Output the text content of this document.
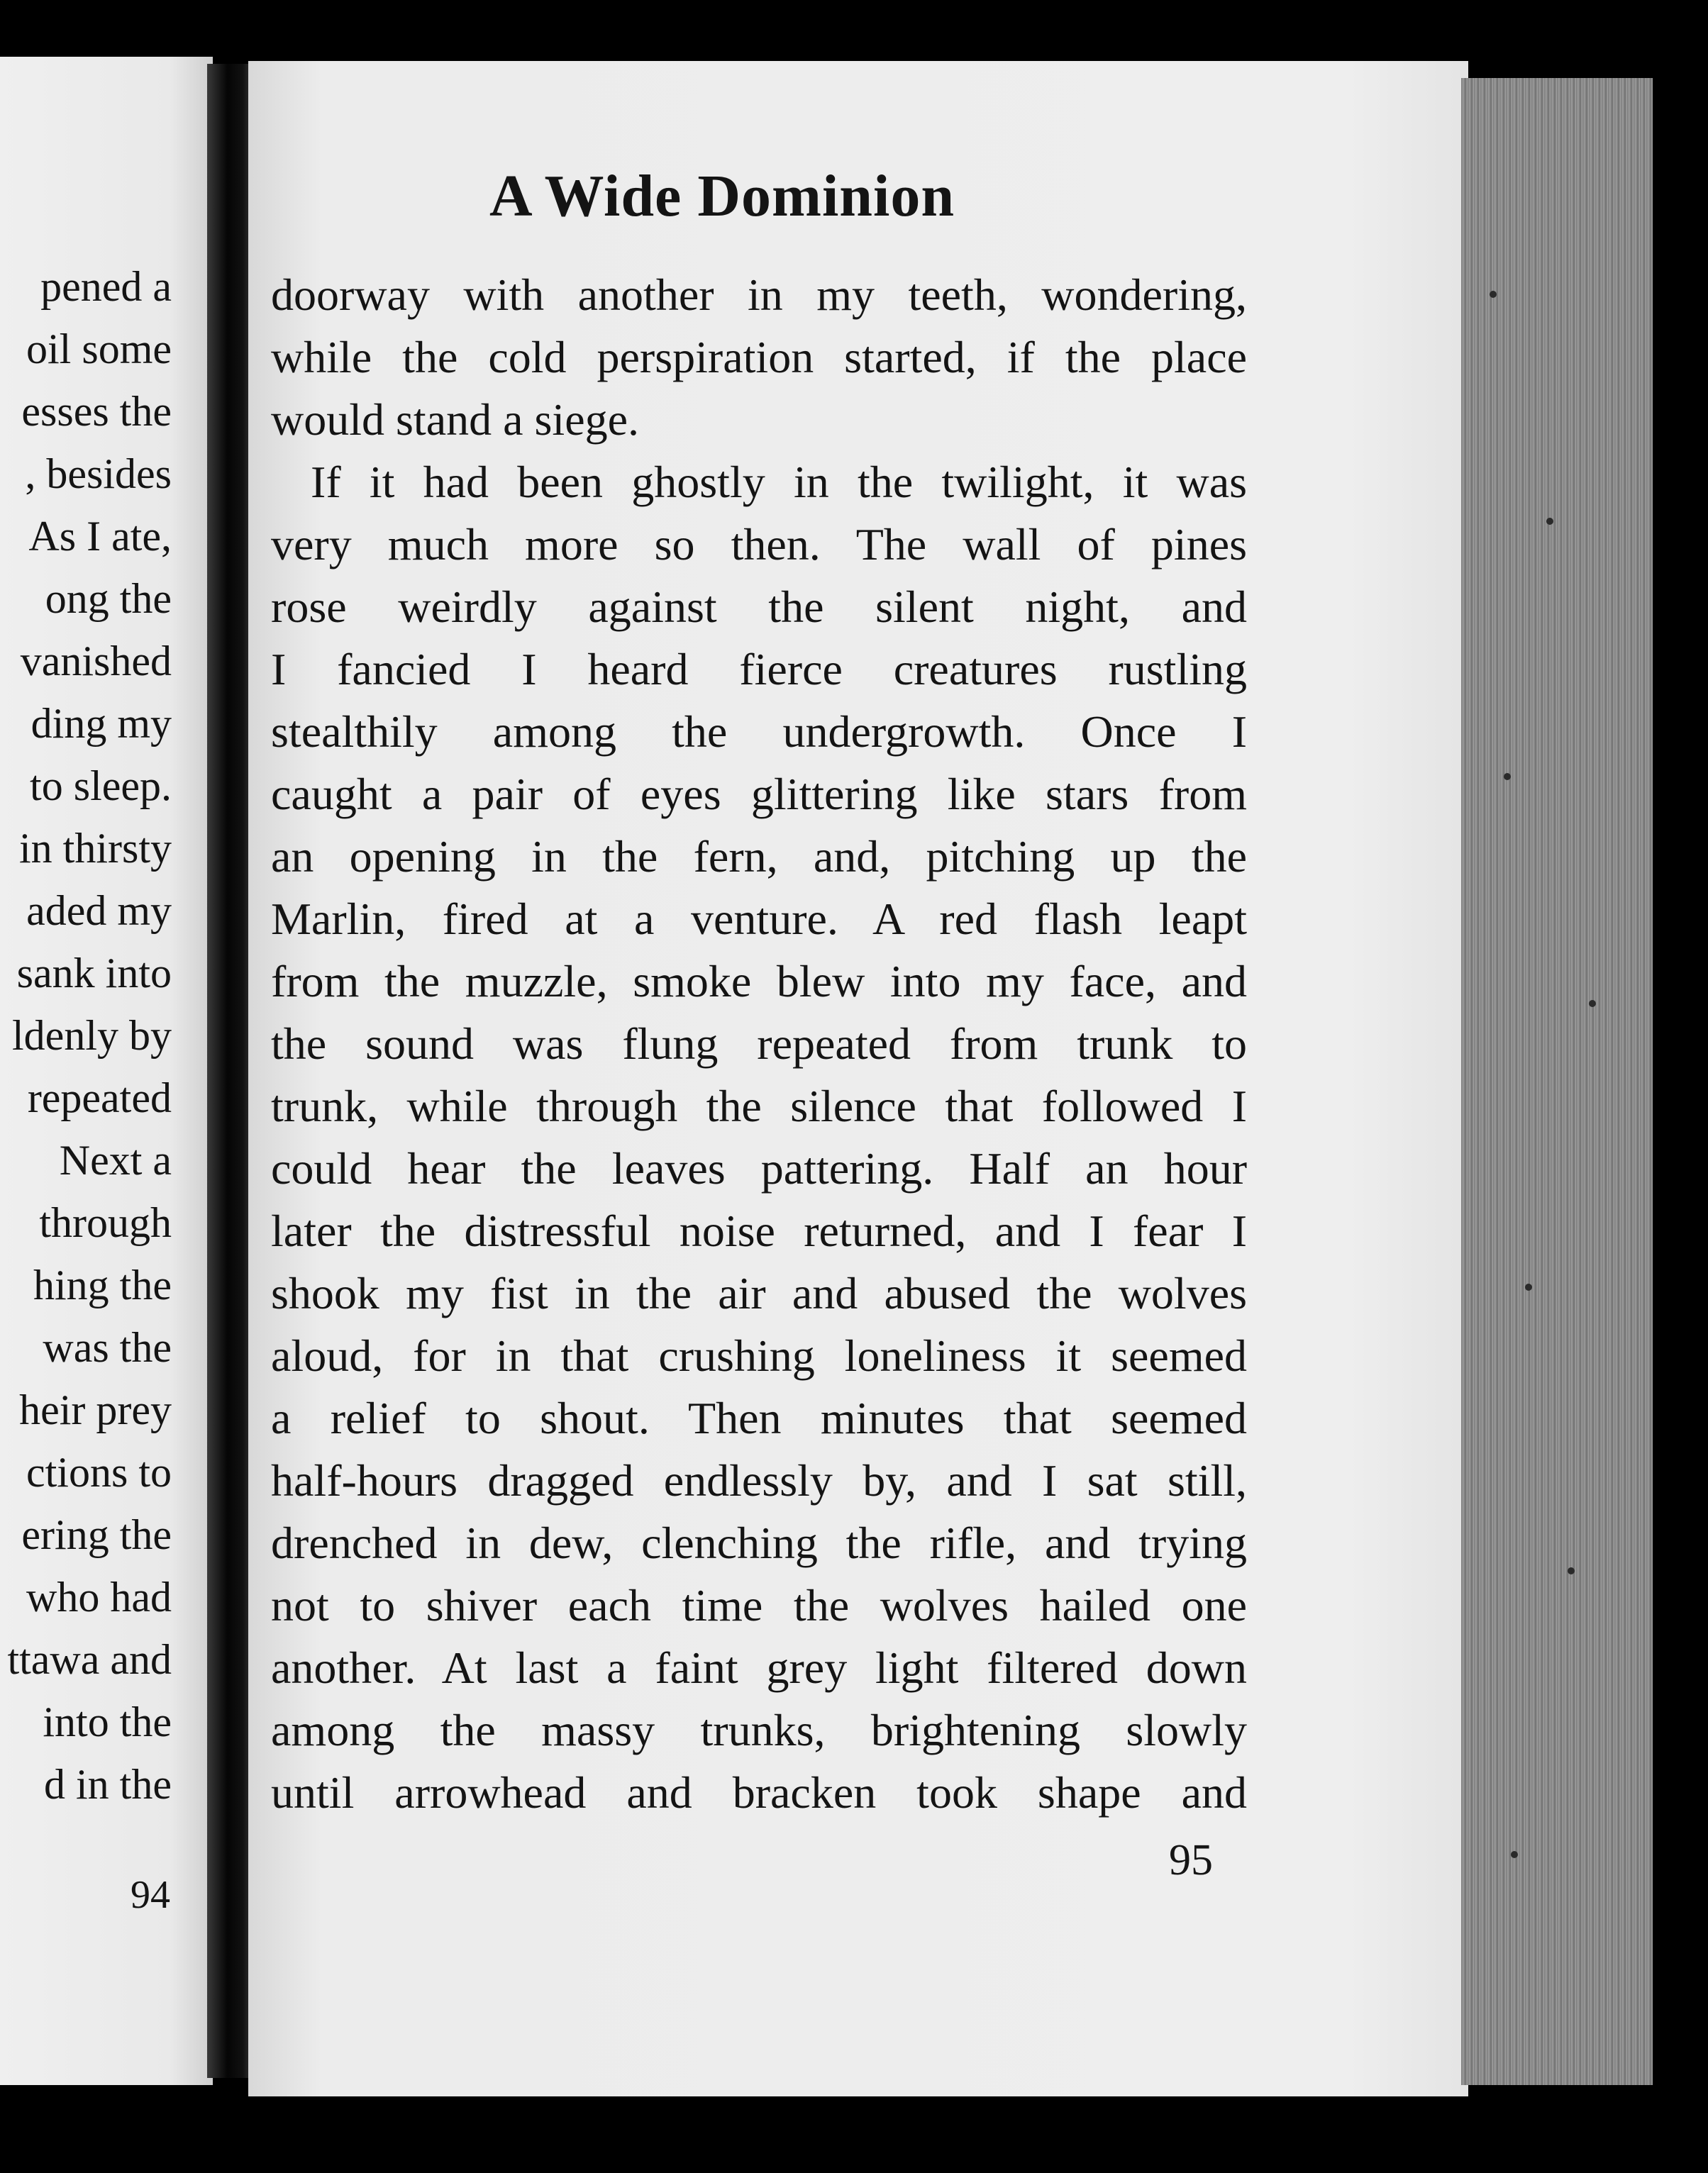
pened a
oil some
esses the
, besides
As I ate,
ong the
vanished
ding my
to sleep.
in thirsty
aded my
sank into
ldenly by
repeated
Next a
through
hing the
was the
heir prey
ctions to
ering the
who had
ttawa and
into the
d in the
94
A Wide Dominion
doorway with another in my teeth, wondering,
while the cold perspiration started, if the place
would stand a siege.
If it had been ghostly in the twilight, it was
very much more so then. The wall of pines
rose weirdly against the silent night, and
I fancied I heard fierce creatures rustling
stealthily among the undergrowth. Once I
caught a pair of eyes glittering like stars from
an opening in the fern, and, pitching up the
Marlin, fired at a venture. A red flash leapt
from the muzzle, smoke blew into my face, and
the sound was flung repeated from trunk to
trunk, while through the silence that followed I
could hear the leaves pattering. Half an hour
later the distressful noise returned, and I fear I
shook my fist in the air and abused the wolves
aloud, for in that crushing loneliness it seemed
a relief to shout. Then minutes that seemed
half-hours dragged endlessly by, and I sat still,
drenched in dew, clenching the rifle, and trying
not to shiver each time the wolves hailed one
another. At last a faint grey light filtered down
among the massy trunks, brightening slowly
until arrowhead and bracken took shape and
95
